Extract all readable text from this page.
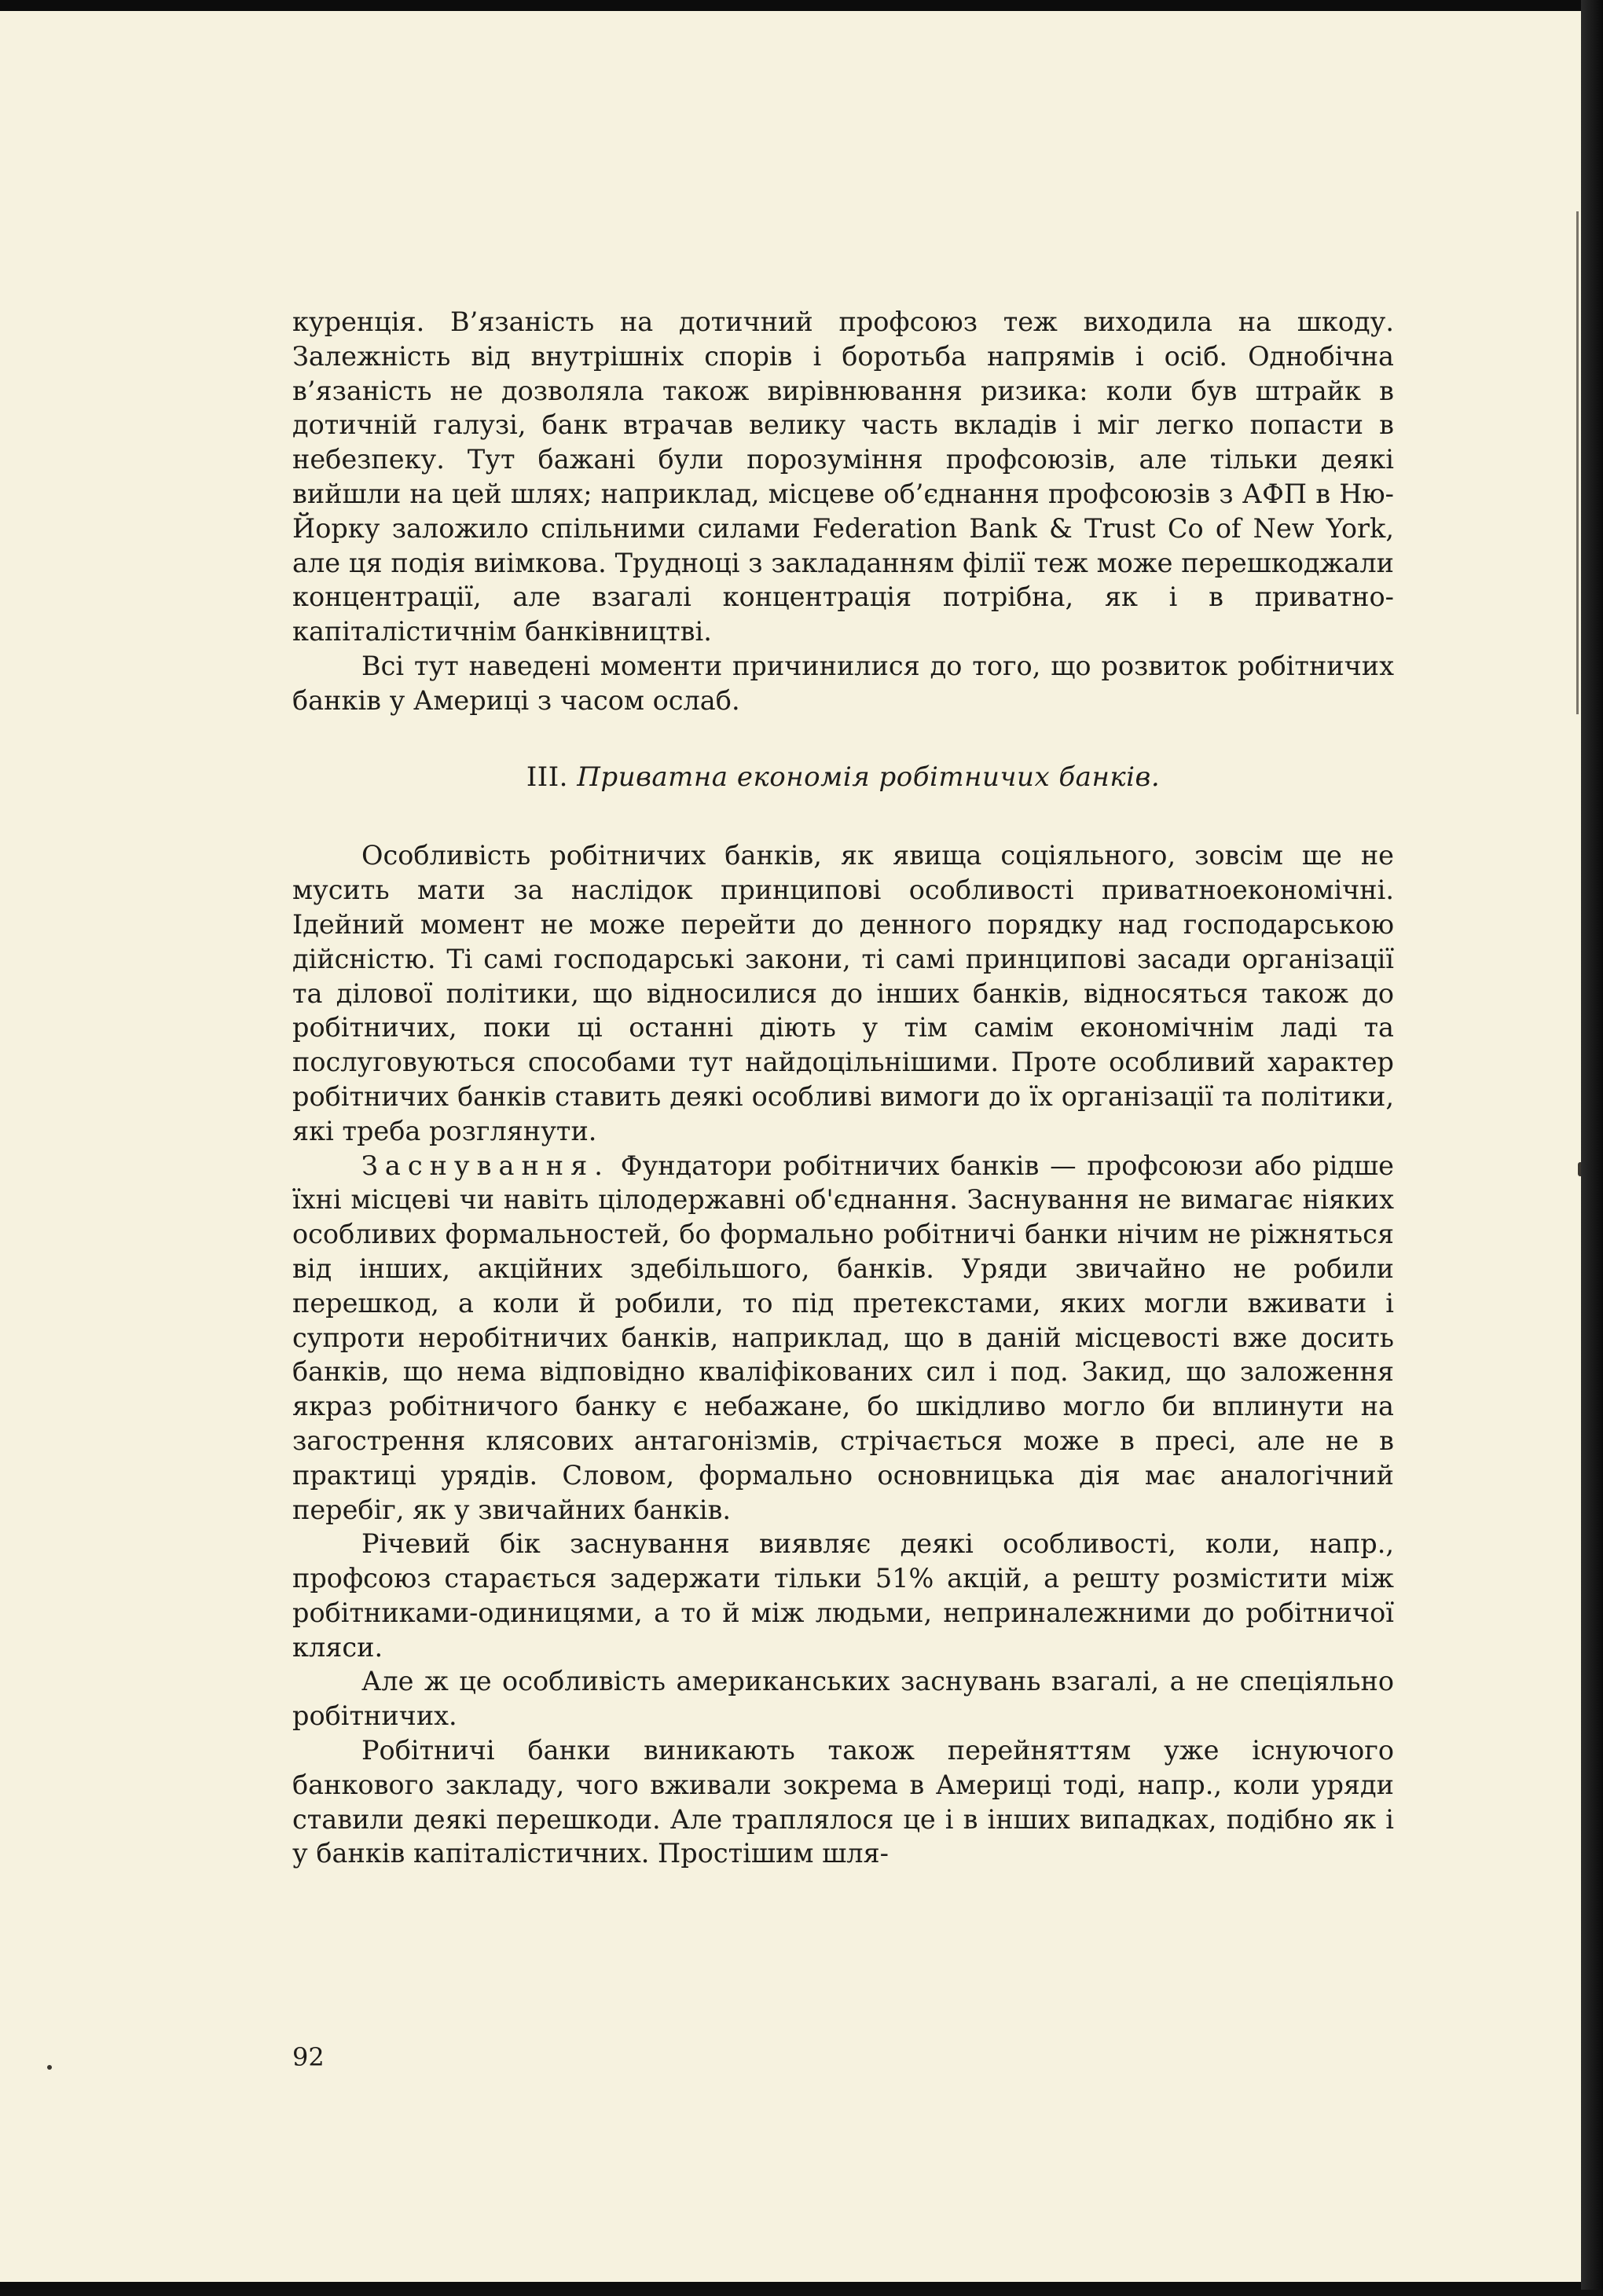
куренція. В’язаність на дотичний профсоюз теж виходила на шкоду. Залежність від внутрішніх спорів і боротьба напрямів і осіб. Однобічна в’язаність не дозволяла також вирівнювання ризика: коли був штрайк в дотичній галузі, банк втрачав велику часть вкладів і міг легко попасти в небезпеку. Тут бажані були порозуміння профсоюзів, але тільки деякі вийшли на цей шлях; наприклад, місцеве об’єднання профсоюзів з АФП в Ню-Йорку заложило спільними силами Federation Bank & Trust Co of New York, але ця подія виімкова. Трудноці з закладанням філії теж може перешкоджали концентрації, але взагалі концентрація потрібна, як і в приватно-капіталістичнім банківництві.

Всі тут наведені моменти причинилися до того, що розвиток робітничих банків у Америці з часом ослаб.

III. Приватна економія робітничих банків.

Особливість робітничих банків, як явища соціяльного, зовсім ще не мусить мати за наслідок принципові особливості приватноекономічні. Ідейний момент не може перейти до денного порядку над господарською дійсністю. Ті самі господарські закони, ті самі принципові засади організації та ділової політики, що відносилися до інших банків, відносяться також до робітничих, поки ці останні діють у тім самім економічнім ладі та послуговуються способами тут найдоцільнішими. Проте особливий характер робітничих банків ставить деякі особливі вимоги до їх організації та політики, які треба розглянути.

Заснування. Фундатори робітничих банків — профсоюзи або рідше їхні місцеві чи навіть цілодержавні об'єднання. Заснування не вимагає ніяких особливих формальностей, бо формально робітничі банки нічим не ріжняться від інших, акційних здебільшого, банків. Уряди звичайно не робили перешкод, а коли й робили, то під претекстами, яких могли вживати і супроти неробітничих банків, наприклад, що в даній місцевості вже досить банків, що нема відповідно кваліфікованих сил і под. Закид, що заложення якраз робітничого банку є небажане, бо шкідливо могло би вплинути на загострення клясових антагонізмів, стрічається може в пресі, але не в практиці урядів. Словом, формально основницька дія має аналогічний перебіг, як у звичайних банків.

Річевий бік заснування виявляє деякі особливості, коли, напр., профсоюз старається задержати тільки 51% акцій, а решту розмістити між робітниками-одиницями, а то й між людьми, неприналежними до робітничої кляси.

Але ж це особливість американських заснувань взагалі, а не спеціяльно робітничих.

Робітничі банки виникають також перейняттям уже існуючого банкового закладу, чого вживали зокрема в Америці тоді, напр., коли уряди ставили деякі перешкоди. Але траплялося це і в інших випадках, подібно як і у банків капіталістичних. Простішим шля-

92
